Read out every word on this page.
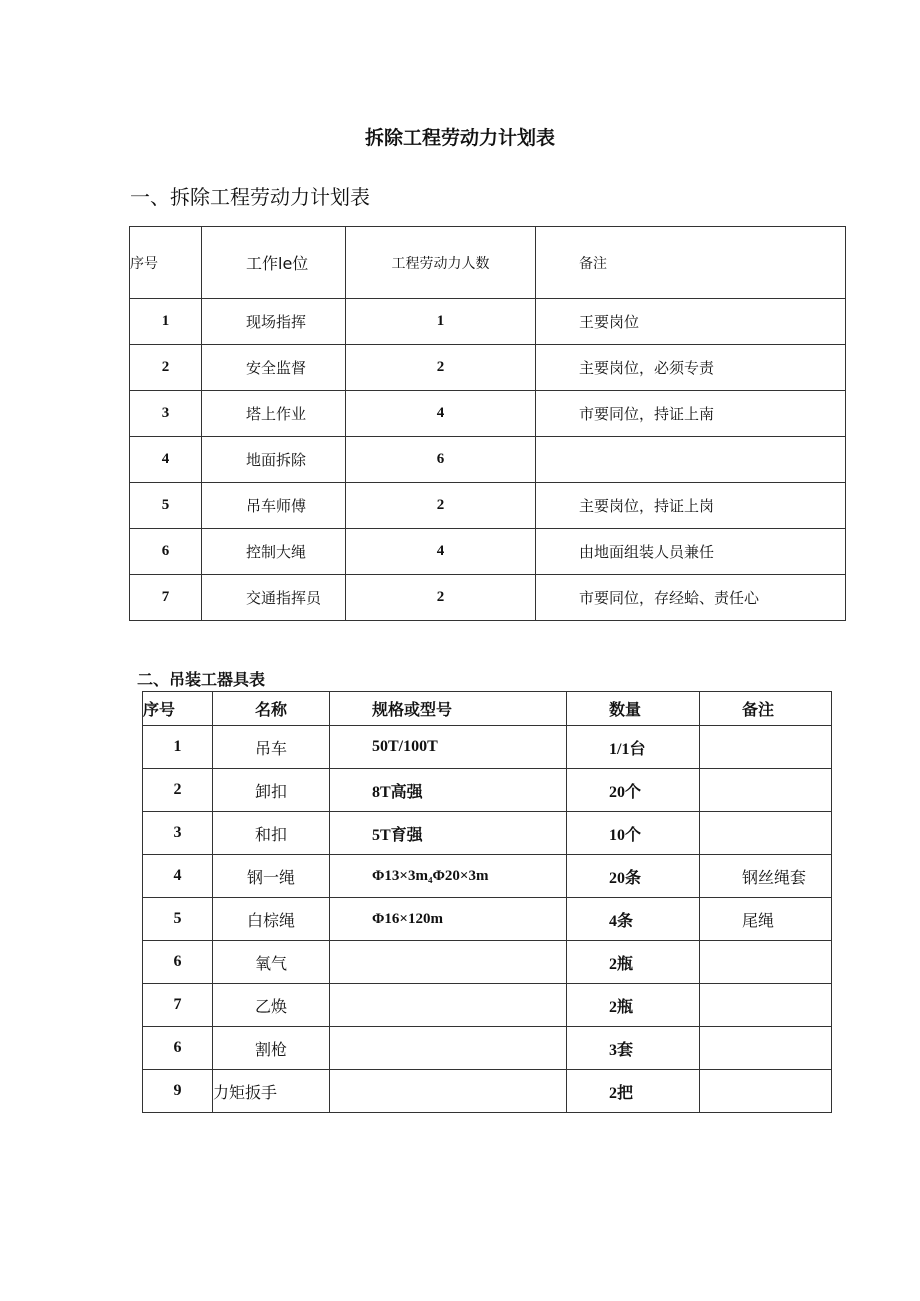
拆除工程劳动力计划表
一、拆除工程劳动力计划表
序号	工作le位	工程劳动力人数	备注
1	现场指挥	1	王要岗位
2	安全监督	2	主要岗位，必须专责
3	塔上作业	4	市要同位，持证上南
4	地面拆除	6	
5	吊车师傅	2	主要岗位，持证上岗
6	控制大绳	4	由地面组装人员兼任
7	交通指挥员	2	市要同位，存经蛤、责任心
二、吊装工器具表
序号	名称	规格或型号	数量	备注
1	吊车	50T/100T	1/1台	
2	卸扣	8T高强	20个	
3	和扣	5T育强	10个	
4	钢一绳	Φ13×3m₄Φ20×3m	20条	钢丝绳套
5	白棕绳	Φ16×120m	4条	尾绳
6	氧气		2瓶	
7	乙焕		2瓶	
6	割枪		3套	
9	力矩扳手		2把	
